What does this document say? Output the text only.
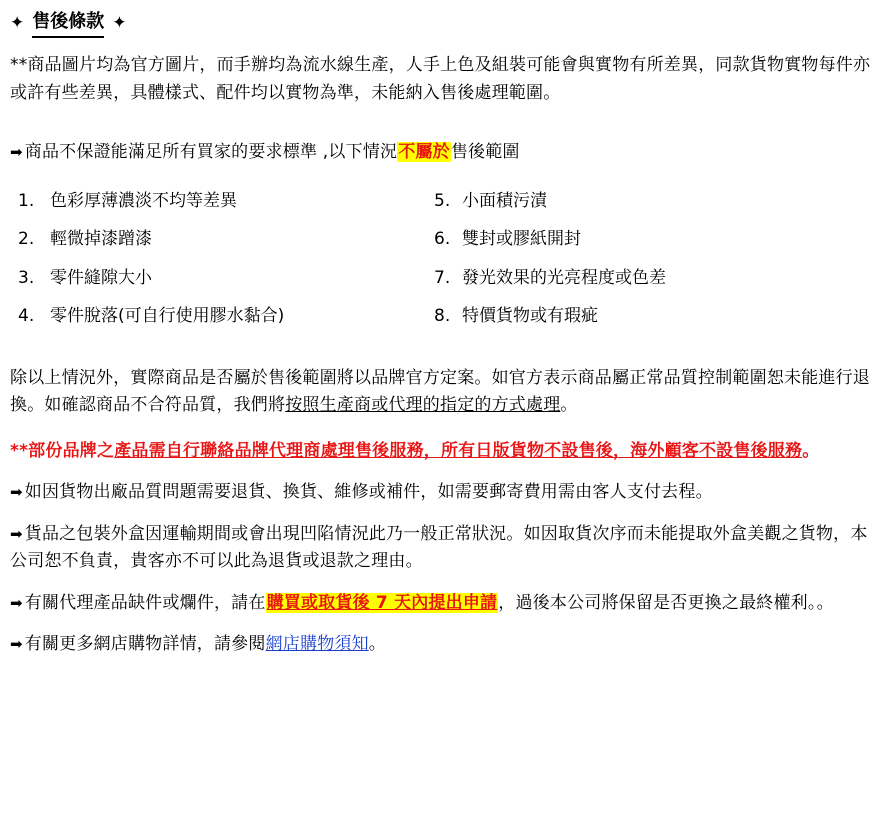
✦ 售後條款 ✦

**商品圖片均為官方圖片，而手辦均為流水線生產，人手上色及組裝可能會與實物有所差異，同款貨物實物每件亦或許有些差異，具體樣式、配件均以實物為準，未能納入售後處理範圍。

➡ 商品不保證能滿足所有買家的要求標準 ,以下情況不屬於售後範圍

1. 色彩厚薄濃淡不均等差異
2. 輕微掉漆蹭漆
3. 零件縫隙大小
4. 零件脫落(可自行使用膠水黏合)
5. 小面積污漬
6. 雙封或膠紙開封
7. 發光效果的光亮程度或色差
8. 特價貨物或有瑕疵

除以上情況外，實際商品是否屬於售後範圍將以品牌官方定案。如官方表示商品屬正常品質控制範圍恕未能進行退換。如確認商品不合符品質，我們將按照生產商或代理的指定的方式處理。

**部份品牌之產品需自行聯絡品牌代理商處理售後服務，所有日版貨物不設售後，海外顧客不設售後服務。

➡ 如因貨物出廠品質問題需要退貨、換貨、維修或補件，如需要郵寄費用需由客人支付去程。

➡ 貨品之包裝外盒因運輸期間或會出現凹陷情況此乃一般正常狀況。如因取貨次序而未能提取外盒美觀之貨物，本公司恕不負責，貴客亦不可以此為退貨或退款之理由。

➡ 有關代理產品缺件或爛件，請在購買或取貨後 7 天內提出申請，過後本公司將保留是否更換之最終權利。。

➡ 有關更多網店購物詳情，請參閱網店購物須知。
